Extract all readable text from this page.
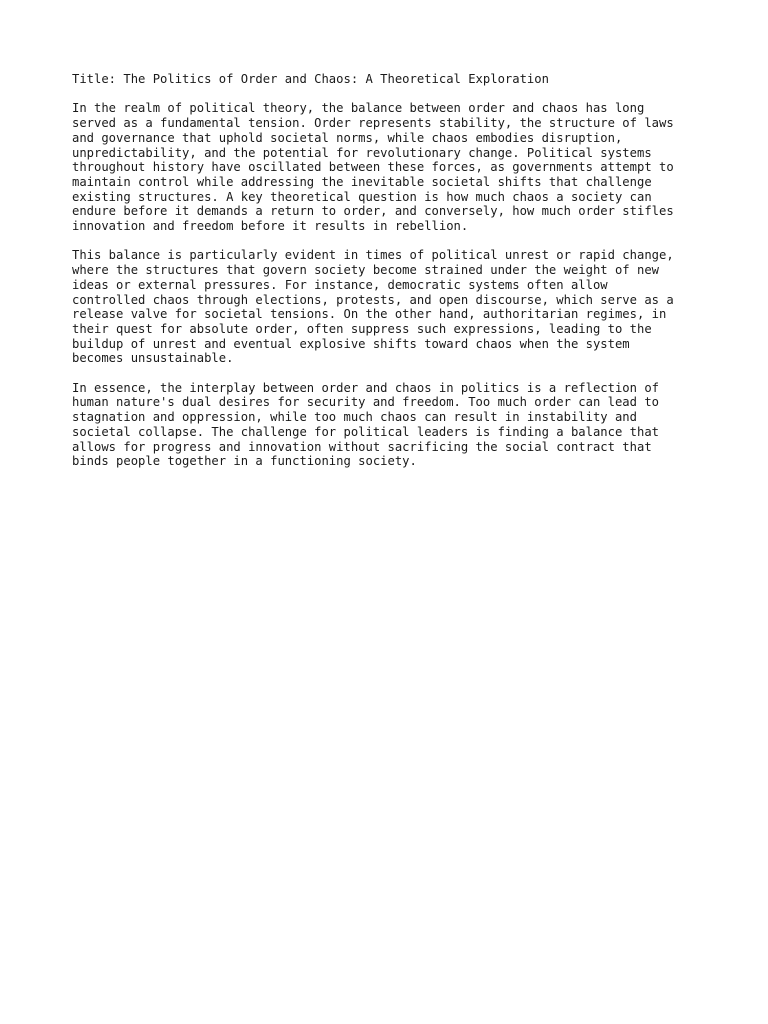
Title: The Politics of Order and Chaos: A Theoretical Exploration

In the realm of political theory, the balance between order and chaos has long
served as a fundamental tension. Order represents stability, the structure of laws
and governance that uphold societal norms, while chaos embodies disruption,
unpredictability, and the potential for revolutionary change. Political systems
throughout history have oscillated between these forces, as governments attempt to
maintain control while addressing the inevitable societal shifts that challenge
existing structures. A key theoretical question is how much chaos a society can
endure before it demands a return to order, and conversely, how much order stifles
innovation and freedom before it results in rebellion.

This balance is particularly evident in times of political unrest or rapid change,
where the structures that govern society become strained under the weight of new
ideas or external pressures. For instance, democratic systems often allow
controlled chaos through elections, protests, and open discourse, which serve as a
release valve for societal tensions. On the other hand, authoritarian regimes, in
their quest for absolute order, often suppress such expressions, leading to the
buildup of unrest and eventual explosive shifts toward chaos when the system
becomes unsustainable.

In essence, the interplay between order and chaos in politics is a reflection of
human nature's dual desires for security and freedom. Too much order can lead to
stagnation and oppression, while too much chaos can result in instability and
societal collapse. The challenge for political leaders is finding a balance that
allows for progress and innovation without sacrificing the social contract that
binds people together in a functioning society.
